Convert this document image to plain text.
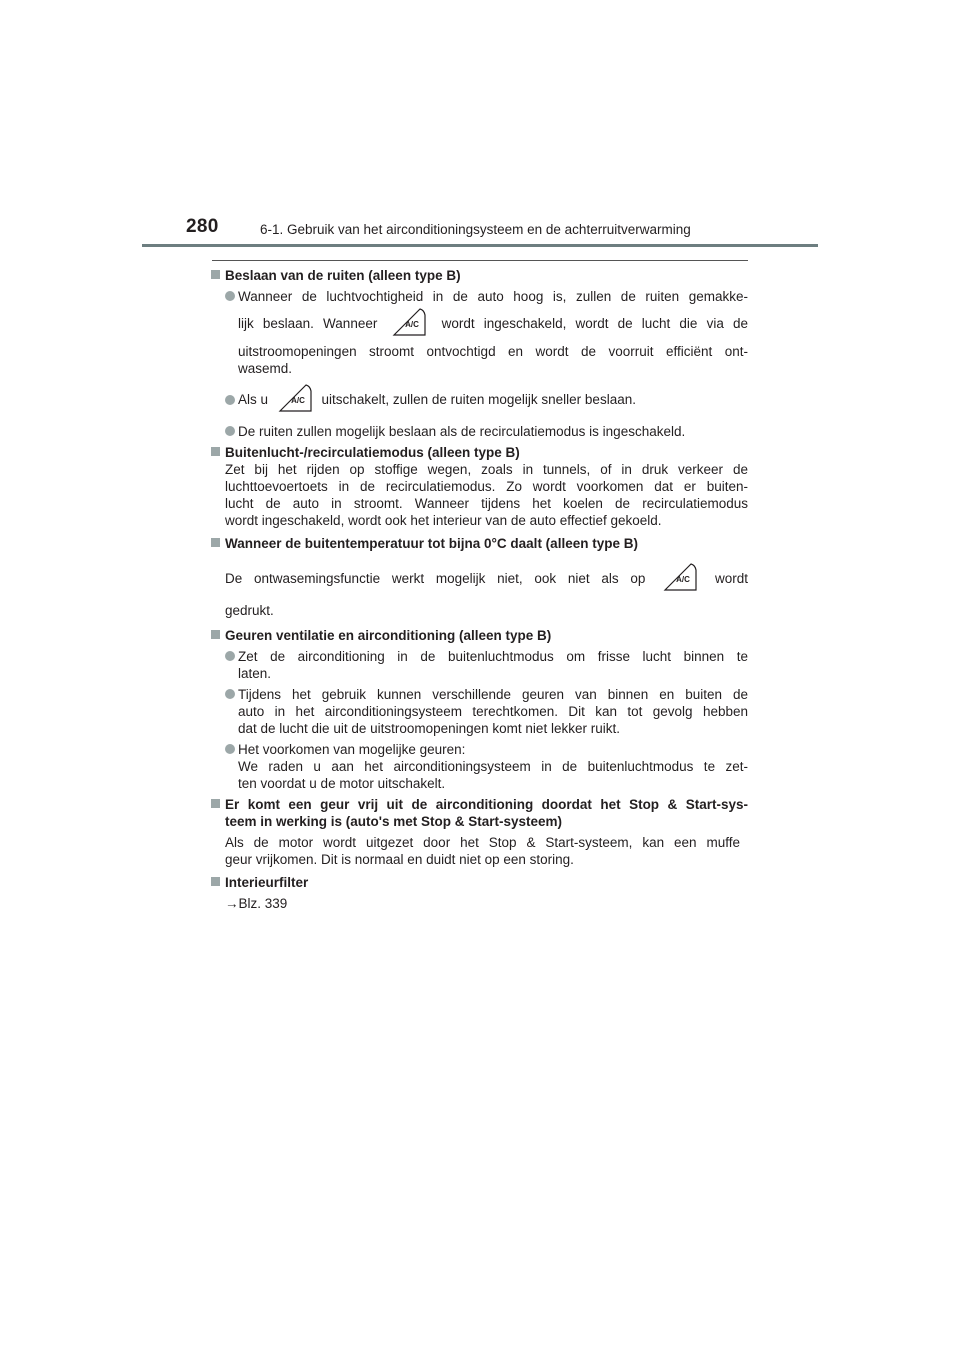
280	6-1. Gebruik van het airconditioningsysteem en de achterruitverwarming
Beslaan van de ruiten (alleen type B)
Wanneer de luchtvochtigheid in de auto hoog is, zullen de ruiten gemakke-
lijk beslaan. Wanneer	A/C wordt ingeschakeld, wordt de lucht die via de
uitstroomopeningen stroomt ontvochtigd en wordt de voorruit efficiënt ont-
wasemd.
Als u	A/C uitschakelt, zullen de ruiten mogelijk sneller beslaan.
De ruiten zullen mogelijk beslaan als de recirculatiemodus is ingeschakeld.
Buitenlucht-/recirculatiemodus (alleen type B)
Zet bij het rijden op stoffige wegen, zoals in tunnels, of in druk verkeer de
luchttoevoertoets in de recirculatiemodus. Zo wordt voorkomen dat er buiten-
lucht de auto in stroomt. Wanneer tijdens het koelen de recirculatiemodus
wordt ingeschakeld, wordt ook het interieur van de auto effectief gekoeld.
Wanneer de buitentemperatuur tot bijna 0°C daalt (alleen type B)
De ontwasemingsfunctie werkt mogelijk niet, ook niet als op	A/C wordt
gedrukt.
Geuren ventilatie en airconditioning (alleen type B)
Zet de airconditioning in de buitenluchtmodus om frisse lucht binnen te
laten.
Tijdens het gebruik kunnen verschillende geuren van binnen en buiten de
auto in het airconditioningsysteem terechtkomen. Dit kan tot gevolg hebben
dat de lucht die uit de uitstroomopeningen komt niet lekker ruikt.
Het voorkomen van mogelijke geuren:
We raden u aan het airconditioningsysteem in de buitenluchtmodus te zet-
ten voordat u de motor uitschakelt.
Er komt een geur vrij uit de airconditioning doordat het Stop & Start-sys-
teem in werking is (auto's met Stop & Start-systeem)
Als de motor wordt uitgezet door het Stop & Start-systeem, kan een muffe
geur vrijkomen. Dit is normaal en duidt niet op een storing.
Interieurfilter
→Blz. 339
